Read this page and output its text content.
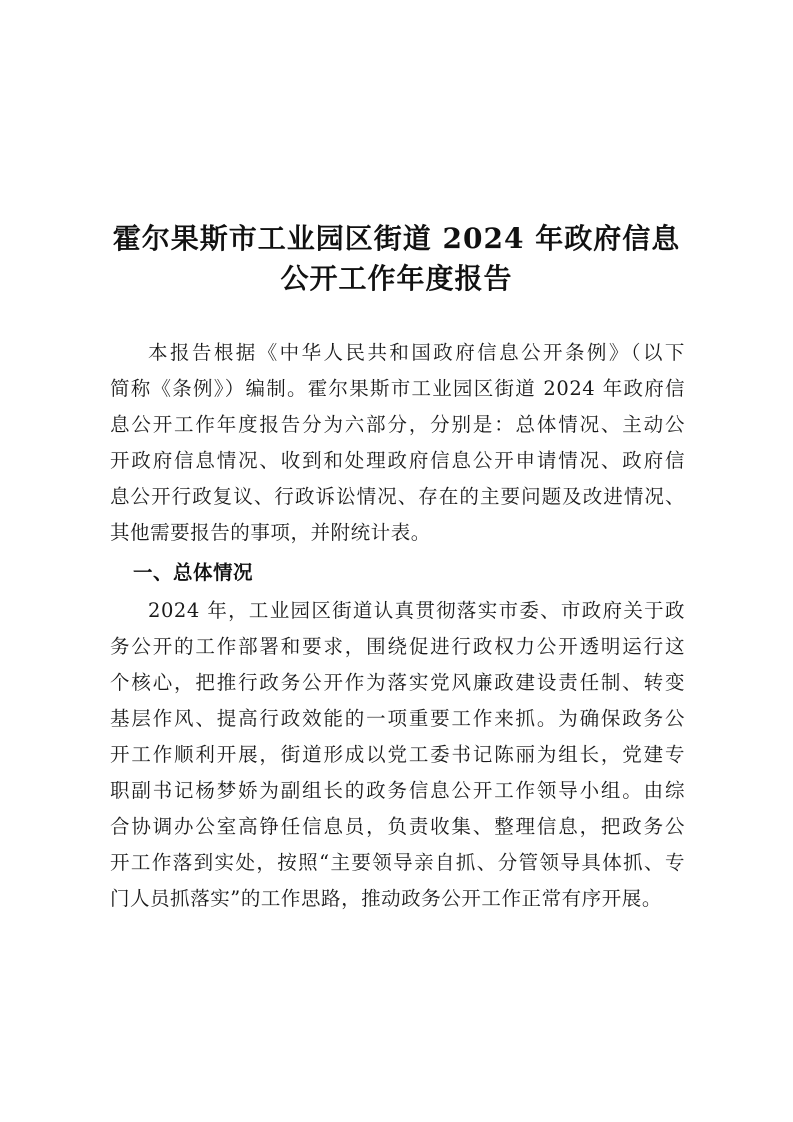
霍尔果斯市工业园区街道 2024 年政府信息
公开工作年度报告
本报告根据《中华人民共和国政府信息公开条例》（以下
简称《条例》）编制。霍尔果斯市工业园区街道 2024 年政府信
息公开工作年度报告分为六部分，分别是：总体情况、主动公
开政府信息情况、收到和处理政府信息公开申请情况、政府信
息公开行政复议、行政诉讼情况、存在的主要问题及改进情况、
其他需要报告的事项，并附统计表。
一、总体情况
2024 年，工业园区街道认真贯彻落实市委、市政府关于政
务公开的工作部署和要求，围绕促进行政权力公开透明运行这
个核心，把推行政务公开作为落实党风廉政建设责任制、转变
基层作风、提高行政效能的一项重要工作来抓。为确保政务公
开工作顺利开展，街道形成以党工委书记陈丽为组长，党建专
职副书记杨梦娇为副组长的政务信息公开工作领导小组。由综
合协调办公室高铮任信息员，负责收集、整理信息，把政务公
开工作落到实处，按照“主要领导亲自抓、分管领导具体抓、专
门人员抓落实”的工作思路，推动政务公开工作正常有序开展。
